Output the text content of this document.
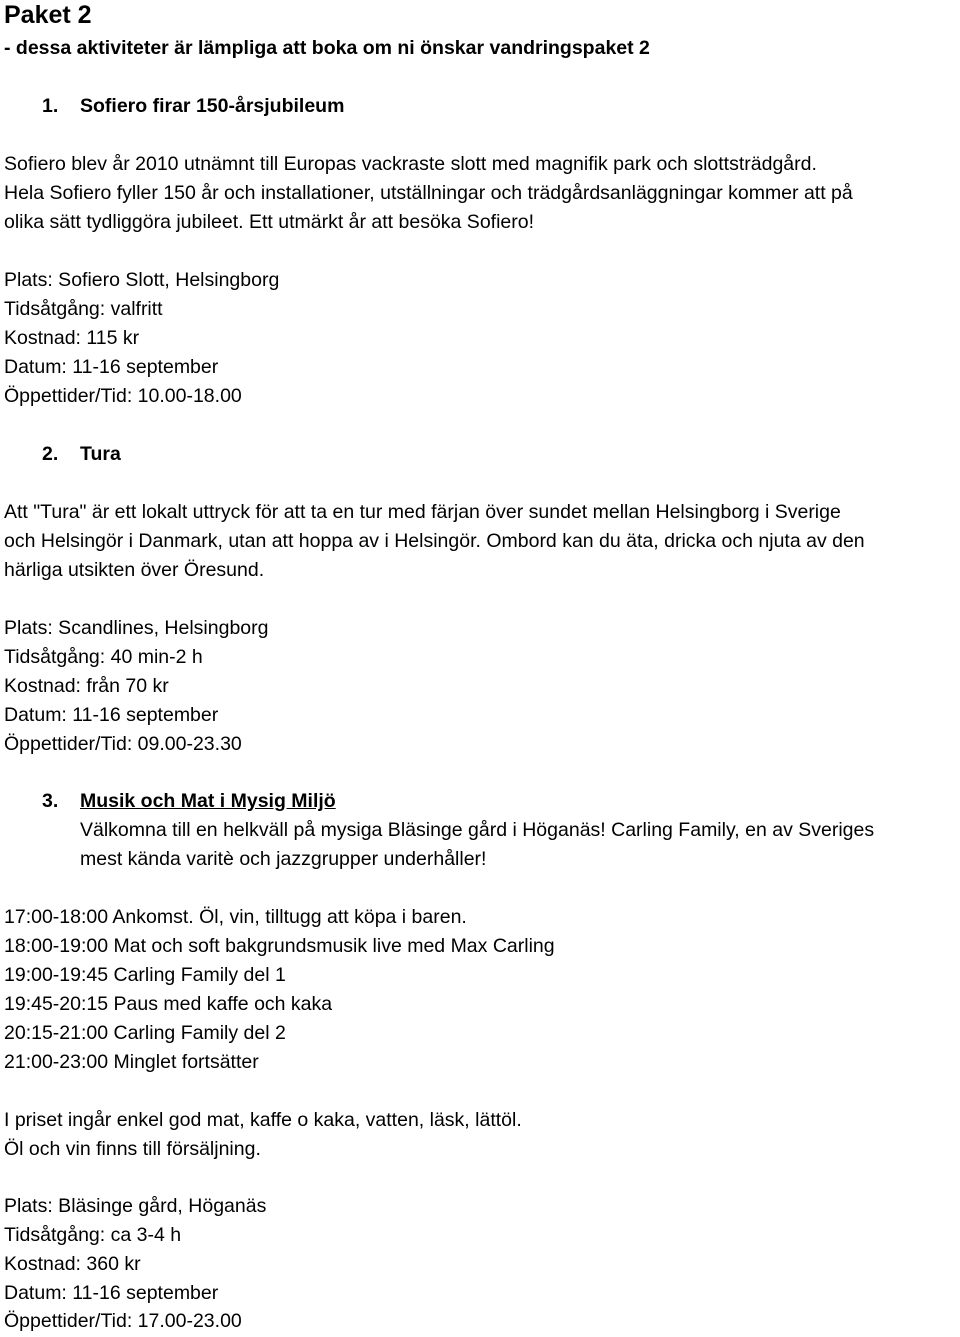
Paket 2
- dessa aktiviteter är lämpliga att boka om ni önskar vandringspaket 2
1. Sofiero firar 150-årsjubileum
Sofiero blev år 2010 utnämnt till Europas vackraste slott med magnifik park och slottsträdgård.
Hela Sofiero fyller 150 år och installationer, utställningar och trädgårdsanläggningar kommer att på
olika sätt tydliggöra jubileet. Ett utmärkt år att besöka Sofiero!
Plats: Sofiero Slott, Helsingborg
Tidsåtgång: valfritt
Kostnad: 115 kr
Datum: 11-16 september
Öppettider/Tid: 10.00-18.00
2. Tura
Att "Tura" är ett lokalt uttryck för att ta en tur med färjan över sundet mellan Helsingborg i Sverige
och Helsingör i Danmark, utan att hoppa av i Helsingör. Ombord kan du äta, dricka och njuta av den
härliga utsikten över Öresund.
Plats: Scandlines, Helsingborg
Tidsåtgång: 40 min-2 h
Kostnad: från 70 kr
Datum: 11-16 september
Öppettider/Tid: 09.00-23.30
3. Musik och Mat i Mysig Miljö
Välkomna till en helkväll på mysiga Bläsinge gård i Höganäs! Carling Family, en av Sveriges
mest kända varitè och jazzgrupper underhåller!
17:00-18:00 Ankomst. Öl, vin, tilltugg att köpa i baren.
18:00-19:00 Mat och soft bakgrundsmusik live med Max Carling
19:00-19:45 Carling Family del 1
19:45-20:15 Paus med kaffe och kaka
20:15-21:00 Carling Family del 2
21:00-23:00 Minglet fortsätter
I priset ingår enkel god mat, kaffe o kaka, vatten, läsk, lättöl.
Öl och vin finns till försäljning.
Plats: Bläsinge gård, Höganäs
Tidsåtgång: ca 3-4 h
Kostnad: 360 kr
Datum: 11-16 september
Öppettider/Tid: 17.00-23.00
